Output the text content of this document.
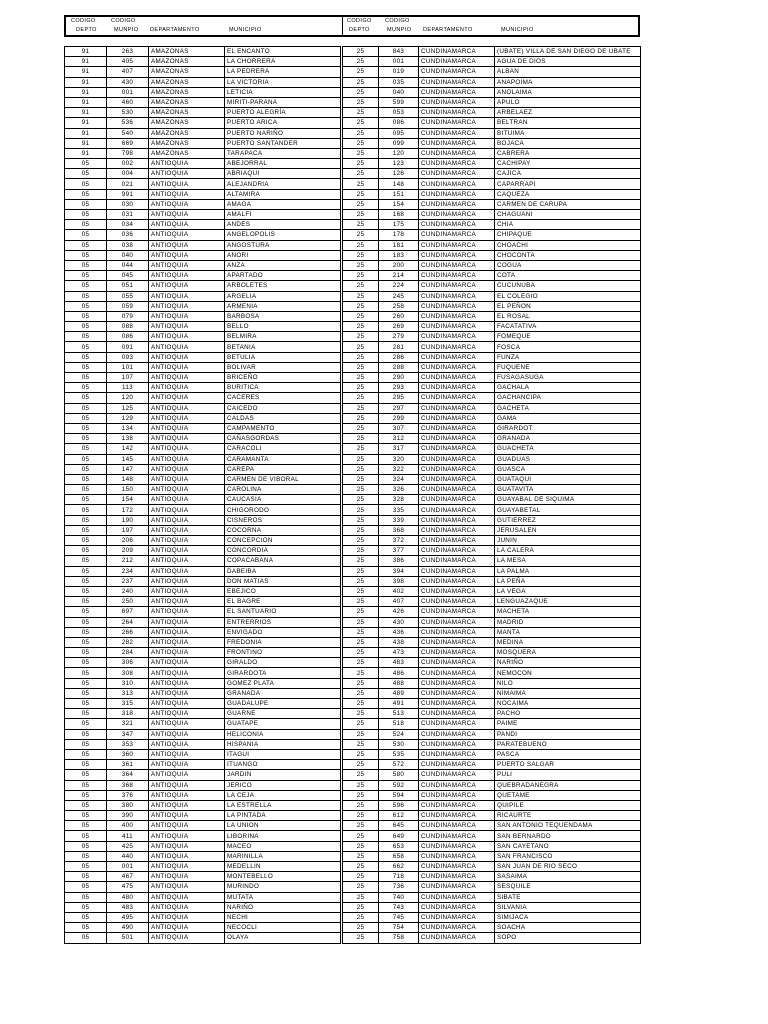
CODIGO	CODIGO
DEPTO	MUNPIO DEPARTAMENTO	MUNICIPIO
CODIGO CODIGO
DEPTO	MUNPIO DEPARTAMENTO	MUNICIPIO
91	263	AMAZONAS	EL ENCANTO		25	843	CUNDINAMARCA	(UBATE) VILLA DE SAN DIEGO DE UBATE
91	405	AMAZONAS	LA CHORRERA		25	001	CUNDINAMARCA	AGUA DE DIOS
91	407	AMAZONAS	LA PEDRERA		25	019	CUNDINAMARCA	ALBAN
91	430	AMAZONAS	LA VICTORIA		25	035	CUNDINAMARCA	ANAPOIMA
91	001	AMAZONAS	LETICIA		25	040	CUNDINAMARCA	ANOLAIMA
91	460	AMAZONAS	MIRITI-PARANA		25	599	CUNDINAMARCA	APULO
91	530	AMAZONAS	PUERTO ALEGRÍA		25	053	CUNDINAMARCA	ARBELAEZ
91	536	AMAZONAS	PUERTO ARICA		25	086	CUNDINAMARCA	BELTRAN
91	540	AMAZONAS	PUERTO NARIÑO		25	095	CUNDINAMARCA	BITUIMA
91	669	AMAZONAS	PUERTO SANTANDER		25	099	CUNDINAMARCA	BOJACA
91	798	AMAZONAS	TARAPACA		25	120	CUNDINAMARCA	CABRERA
05	002	ANTIOQUIA	ABEJORRAL		25	123	CUNDINAMARCA	CACHIPAY
05	004	ANTIOQUIA	ABRIAQUI		25	126	CUNDINAMARCA	CAJICA
05	021	ANTIOQUIA	ALEJANDRIA		25	148	CUNDINAMARCA	CAPARRAPI
05	991	ANTIOQUIA	ALTAMIRA		25	151	CUNDINAMARCA	CAQUEZA
05	030	ANTIOQUIA	AMAGA		25	154	CUNDINAMARCA	CARMEN DE CARUPA
05	031	ANTIOQUIA	AMALFI		25	168	CUNDINAMARCA	CHAGUANI
05	034	ANTIOQUIA	ANDES		25	175	CUNDINAMARCA	CHIA
05	036	ANTIOQUIA	ANGELOPOLIS		25	178	CUNDINAMARCA	CHIPAQUE
05	038	ANTIOQUIA	ANGOSTURA		25	181	CUNDINAMARCA	CHOACHI
05	040	ANTIOQUIA	ANORI		25	183	CUNDINAMARCA	CHOCONTA
05	044	ANTIOQUIA	ANZA		25	200	CUNDINAMARCA	COGUA
05	045	ANTIOQUIA	APARTADO		25	214	CUNDINAMARCA	COTA
05	051	ANTIOQUIA	ARBOLETES		25	224	CUNDINAMARCA	CUCUNUBA
05	055	ANTIOQUIA	ARGELIA		25	245	CUNDINAMARCA	EL COLEGIO
05	059	ANTIOQUIA	ARMENIA		25	258	CUNDINAMARCA	EL PEÑON
05	079	ANTIOQUIA	BARBOSA		25	260	CUNDINAMARCA	EL ROSAL
05	088	ANTIOQUIA	BELLO		25	269	CUNDINAMARCA	FACATATIVA
05	086	ANTIOQUIA	BELMIRA		25	279	CUNDINAMARCA	FOMEQUE
05	091	ANTIOQUIA	BETANIA		25	281	CUNDINAMARCA	FOSCA
05	093	ANTIOQUIA	BETULIA		25	286	CUNDINAMARCA	FUNZA
05	101	ANTIOQUIA	BOLIVAR		25	288	CUNDINAMARCA	FUQUENE
05	107	ANTIOQUIA	BRICEÑO		25	290	CUNDINAMARCA	FUSAGASUGA
05	113	ANTIOQUIA	BURITICA		25	293	CUNDINAMARCA	GACHALA
05	120	ANTIOQUIA	CACERES		25	295	CUNDINAMARCA	GACHANCIPA
05	125	ANTIOQUIA	CAICEDO		25	297	CUNDINAMARCA	GACHETA
05	129	ANTIOQUIA	CALDAS		25	299	CUNDINAMARCA	GAMA
05	134	ANTIOQUIA	CAMPAMENTO		25	307	CUNDINAMARCA	GIRARDOT
05	138	ANTIOQUIA	CAÑASGORDAS		25	312	CUNDINAMARCA	GRANADA
05	142	ANTIOQUIA	CARACOLI		25	317	CUNDINAMARCA	GUACHETA
05	145	ANTIOQUIA	CARAMANTA		25	320	CUNDINAMARCA	GUADUAS
05	147	ANTIOQUIA	CAREPA		25	322	CUNDINAMARCA	GUASCA
05	148	ANTIOQUIA	CARMEN DE VIBORAL		25	324	CUNDINAMARCA	GUATAQUI
05	150	ANTIOQUIA	CAROLINA		25	326	CUNDINAMARCA	GUATAVITA
05	154	ANTIOQUIA	CAUCASIA		25	328	CUNDINAMARCA	GUAYABAL DE SIQUIMA
05	172	ANTIOQUIA	CHIGORODO		25	335	CUNDINAMARCA	GUAYABETAL
05	190	ANTIOQUIA	CISNEROS		25	339	CUNDINAMARCA	GUTIERREZ
05	197	ANTIOQUIA	COCORNA		25	368	CUNDINAMARCA	JERUSALEN
05	206	ANTIOQUIA	CONCEPCION		25	372	CUNDINAMARCA	JUNIN
05	209	ANTIOQUIA	CONCORDIA		25	377	CUNDINAMARCA	LA CALERA
05	212	ANTIOQUIA	COPACABANA		25	386	CUNDINAMARCA	LA MESA
05	234	ANTIOQUIA	DABEIBA		25	394	CUNDINAMARCA	LA PALMA
05	237	ANTIOQUIA	DON MATIAS		25	398	CUNDINAMARCA	LA PEÑA
05	240	ANTIOQUIA	EBEJICO		25	402	CUNDINAMARCA	LA VEGA
05	250	ANTIOQUIA	EL BAGRE		25	407	CUNDINAMARCA	LENGUAZAQUE
05	697	ANTIOQUIA	EL SANTUARIO		25	426	CUNDINAMARCA	MACHETA
05	264	ANTIOQUIA	ENTRERRIOS		25	430	CUNDINAMARCA	MADRID
05	266	ANTIOQUIA	ENVIGADO		25	436	CUNDINAMARCA	MANTA
05	282	ANTIOQUIA	FREDONIA		25	438	CUNDINAMARCA	MEDINA
05	284	ANTIOQUIA	FRONTINO		25	473	CUNDINAMARCA	MOSQUERA
05	306	ANTIOQUIA	GIRALDO		25	483	CUNDINAMARCA	NARIÑO
05	308	ANTIOQUIA	GIRARDOTA		25	486	CUNDINAMARCA	NEMOCON
05	310	ANTIOQUIA	GOMEZ PLATA		25	488	CUNDINAMARCA	NILO
05	313	ANTIOQUIA	GRANADA		25	489	CUNDINAMARCA	NIMAIMA
05	315	ANTIOQUIA	GUADALUPE		25	491	CUNDINAMARCA	NOCAIMA
05	318	ANTIOQUIA	GUARNE		25	513	CUNDINAMARCA	PACHO
05	321	ANTIOQUIA	GUATAPE		25	518	CUNDINAMARCA	PAIME
05	347	ANTIOQUIA	HELICONIA		25	524	CUNDINAMARCA	PANDI
05	353	ANTIOQUIA	HISPANIA		25	530	CUNDINAMARCA	PARATEBUENO
05	360	ANTIOQUIA	ITAGUI		25	535	CUNDINAMARCA	PASCA
05	361	ANTIOQUIA	ITUANGO		25	572	CUNDINAMARCA	PUERTO SALGAR
05	364	ANTIOQUIA	JARDIN		25	580	CUNDINAMARCA	PULI
05	368	ANTIOQUIA	JERICO		25	592	CUNDINAMARCA	QUEBRADANEGRA
05	376	ANTIOQUIA	LA CEJA		25	594	CUNDINAMARCA	QUETAME
05	380	ANTIOQUIA	LA ESTRELLA		25	596	CUNDINAMARCA	QUIPILE
05	390	ANTIOQUIA	LA PINTADA		25	612	CUNDINAMARCA	RICAURTE
05	400	ANTIOQUIA	LA UNION		25	645	CUNDINAMARCA	SAN ANTONIO TEQUENDAMA
05	411	ANTIOQUIA	LIBORINA		25	649	CUNDINAMARCA	SAN BERNARDO
05	425	ANTIOQUIA	MACEO		25	653	CUNDINAMARCA	SAN CAYETANO
05	440	ANTIOQUIA	MARINILLA		25	658	CUNDINAMARCA	SAN FRANCISCO
05	001	ANTIOQUIA	MEDELLIN		25	662	CUNDINAMARCA	SAN JUAN DE RIO SECO
05	467	ANTIOQUIA	MONTEBELLO		25	718	CUNDINAMARCA	SASAIMA
05	475	ANTIOQUIA	MURINDO		25	736	CUNDINAMARCA	SESQUILE
05	480	ANTIOQUIA	MUTATA		25	740	CUNDINAMARCA	SIBATE
05	483	ANTIOQUIA	NARIÑO		25	743	CUNDINAMARCA	SILVANIA
05	495	ANTIOQUIA	NECHI		25	745	CUNDINAMARCA	SIMIJACA
05	490	ANTIOQUIA	NECOCLI		25	754	CUNDINAMARCA	SOACHA
05	501	ANTIOQUIA	OLAYA		25	758	CUNDINAMARCA	SOPO
